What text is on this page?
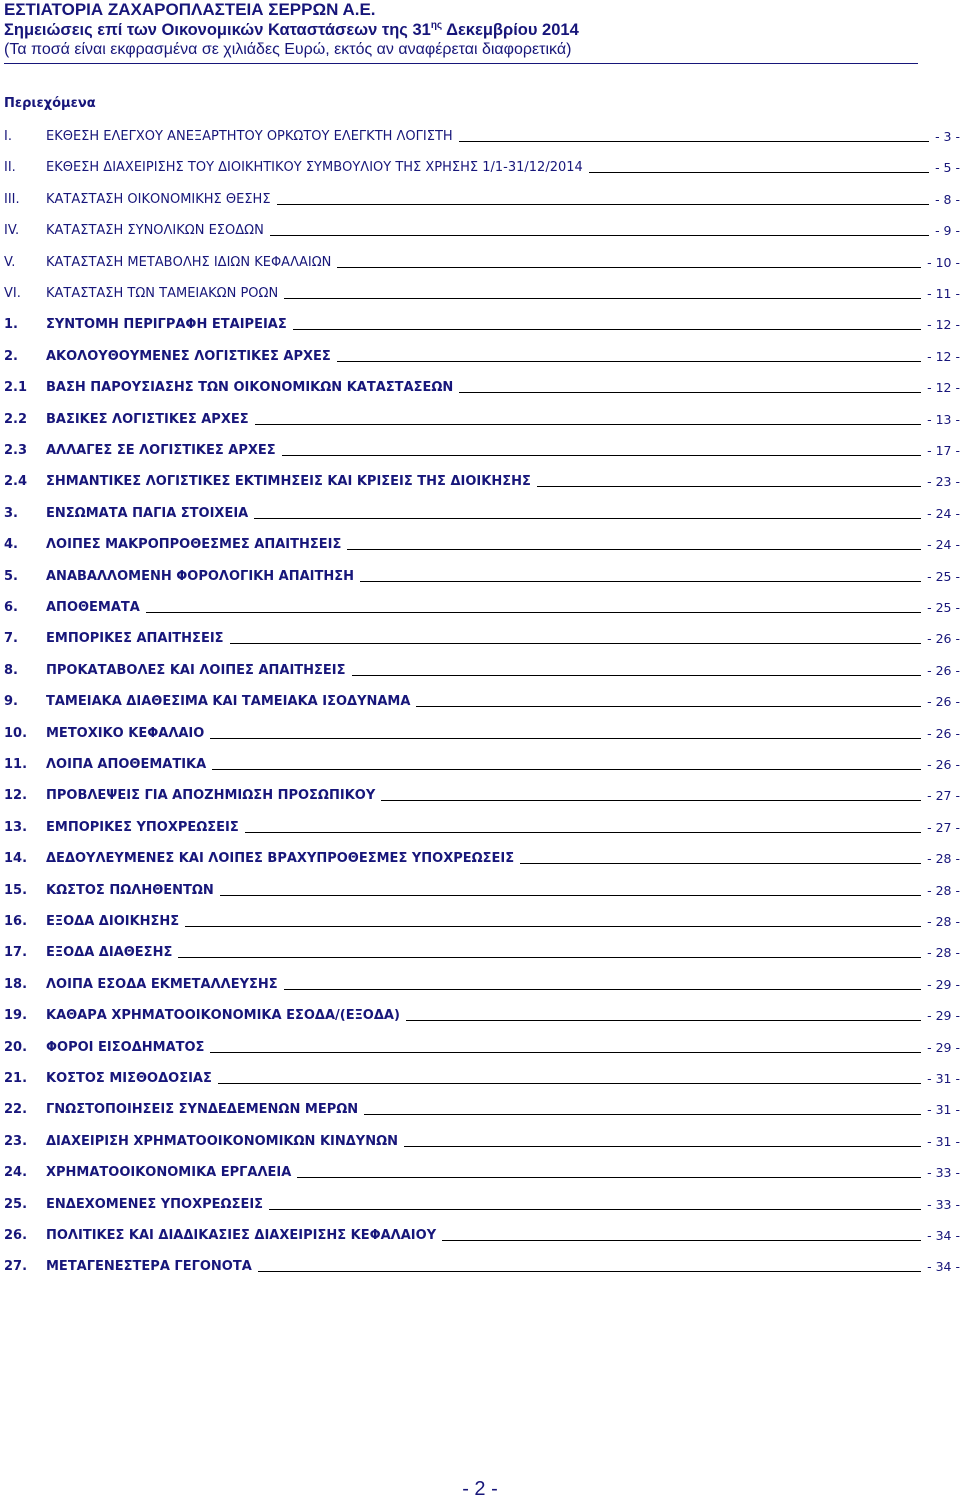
ΕΣΤΙΑΤΟΡΙΑ ΖΑΧΑΡΟΠΛΑΣΤΕΙΑ ΣΕΡΡΩΝ Α.Ε.
Σημειώσεις επί των Οικονομικών Καταστάσεων της $31^{\eta\varsigma}$ Δεκεμβρίου 2014
(Τα ποσά είναι εκφρασμένα σε χιλιάδες Ευρώ, εκτός αν αναφέρεται διαφορετικά)
Περιεχόμενα
I.	ΕΚΘΕΣΗ ΕΛΕΓΧΟΥ ΑΝΕΞΑΡΤΗΤΟΥ ΟΡΚΩΤΟΥ ΕΛΕΓΚΤΗ ΛΟΓΙΣΤΗ	- 3 -
II.	ΕΚΘΕΣΗ ΔΙΑΧΕΙΡΙΣΗΣ ΤΟΥ ΔΙΟΙΚΗΤΙΚΟΥ ΣΥΜΒΟΥΛΙΟΥ ΤΗΣ ΧΡΗΣΗΣ 1/1-31/12/2014	- 5 -
III.	ΚΑΤΑΣΤΑΣΗ ΟΙΚΟΝΟΜΙΚΗΣ ΘΕΣΗΣ	- 8 -
IV.	ΚΑΤΑΣΤΑΣΗ ΣΥΝΟΛΙΚΩΝ ΕΣΟΔΩΝ	- 9 -
V.	ΚΑΤΑΣΤΑΣΗ ΜΕΤΑΒΟΛΗΣ ΙΔΙΩΝ ΚΕΦΑΛΑΙΩΝ	- 10 -
VI.	ΚΑΤΑΣΤΑΣΗ ΤΩΝ ΤΑΜΕΙΑΚΩΝ ΡΟΩΝ	- 11 -
1.	ΣΥΝΤΟΜΗ ΠΕΡΙΓΡΑΦΗ ΕΤΑΙΡΕΙΑΣ	- 12 -
2.	ΑΚΟΛΟΥΘΟΥΜΕΝΕΣ ΛΟΓΙΣΤΙΚΕΣ ΑΡΧΕΣ	- 12 -
2.1	ΒΑΣΗ ΠΑΡΟΥΣΙΑΣΗΣ ΤΩΝ ΟΙΚΟΝΟΜΙΚΩΝ ΚΑΤΑΣΤΑΣΕΩΝ	- 12 -
2.2	ΒΑΣΙΚΕΣ ΛΟΓΙΣΤΙΚΕΣ ΑΡΧΕΣ	- 13 -
2.3	ΑΛΛΑΓΕΣ ΣΕ ΛΟΓΙΣΤΙΚΕΣ ΑΡΧΕΣ	- 17 -
2.4	ΣΗΜΑΝΤΙΚΕΣ ΛΟΓΙΣΤΙΚΕΣ ΕΚΤΙΜΗΣΕΙΣ ΚΑΙ ΚΡΙΣΕΙΣ ΤΗΣ ΔΙΟΙΚΗΣΗΣ	- 23 -
3.	ΕΝΣΩΜΑΤΑ ΠΑΓΙΑ ΣΤΟΙΧΕΙΑ	- 24 -
4.	ΛΟΙΠΕΣ ΜΑΚΡΟΠΡΟΘΕΣΜΕΣ ΑΠΑΙΤΗΣΕΙΣ	- 24 -
5.	ΑΝΑΒΑΛΛΟΜΕΝΗ ΦΟΡΟΛΟΓΙΚΗ ΑΠΑΙΤΗΣΗ	- 25 -
6.	ΑΠΟΘΕΜΑΤΑ	- 25 -
7.	ΕΜΠΟΡΙΚΕΣ ΑΠΑΙΤΗΣΕΙΣ	- 26 -
8.	ΠΡΟΚΑΤΑΒΟΛΕΣ ΚΑΙ ΛΟΙΠΕΣ ΑΠΑΙΤΗΣΕΙΣ	- 26 -
9.	ΤΑΜΕΙΑΚΑ ΔΙΑΘΕΣΙΜΑ ΚΑΙ ΤΑΜΕΙΑΚΑ ΙΣΟΔΥΝΑΜΑ	- 26 -
10.	ΜΕΤΟΧΙΚΟ ΚΕΦΑΛΑΙΟ	- 26 -
11.	ΛΟΙΠΑ ΑΠΟΘΕΜΑΤΙΚΑ	- 26 -
12.	ΠΡΟΒΛΕΨΕΙΣ ΓΙΑ ΑΠΟΖΗΜΙΩΣΗ ΠΡΟΣΩΠΙΚΟΥ	- 27 -
13.	ΕΜΠΟΡΙΚΕΣ ΥΠΟΧΡΕΩΣΕΙΣ	- 27 -
14.	ΔΕΔΟΥΛΕΥΜΕΝΕΣ ΚΑΙ ΛΟΙΠΕΣ ΒΡΑΧΥΠΡΟΘΕΣΜΕΣ ΥΠΟΧΡΕΩΣΕΙΣ	- 28 -
15.	ΚΩΣΤΟΣ ΠΩΛΗΘΕΝΤΩΝ	- 28 -
16.	ΕΞΟΔΑ ΔΙΟΙΚΗΣΗΣ	- 28 -
17.	ΕΞΟΔΑ ΔΙΑΘΕΣΗΣ	- 28 -
18.	ΛΟΙΠΑ ΕΣΟΔΑ ΕΚΜΕΤΑΛΛΕΥΣΗΣ	- 29 -
19.	ΚΑΘΑΡΑ ΧΡΗΜΑΤΟΟΙΚΟΝΟΜΙΚΑ ΕΣΟΔΑ/(ΕΞΟΔΑ)	- 29 -
20.	ΦΟΡΟΙ ΕΙΣΟΔΗΜΑΤΟΣ	- 29 -
21.	ΚΟΣΤΟΣ ΜΙΣΘΟΔΟΣΙΑΣ	- 31 -
22.	ΓΝΩΣΤΟΠΟΙΗΣΕΙΣ ΣΥΝΔΕΔΕΜΕΝΩΝ ΜΕΡΩΝ	- 31 -
23.	ΔΙΑΧΕΙΡΙΣΗ ΧΡΗΜΑΤΟΟΙΚΟΝΟΜΙΚΩΝ ΚΙΝΔΥΝΩΝ	- 31 -
24.	ΧΡΗΜΑΤΟΟΙΚΟΝΟΜΙΚΑ ΕΡΓΑΛΕΙΑ	- 33 -
25.	ΕΝΔΕΧΟΜΕΝΕΣ ΥΠΟΧΡΕΩΣΕΙΣ	- 33 -
26.	ΠΟΛΙΤΙΚΕΣ ΚΑΙ ΔΙΑΔΙΚΑΣΙΕΣ ΔΙΑΧΕΙΡΙΣΗΣ ΚΕΦΑΛΑΙΟΥ	- 34 -
27.	ΜΕΤΑΓΕΝΕΣΤΕΡΑ ΓΕΓΟΝΟΤΑ	- 34 -
- 2 -
